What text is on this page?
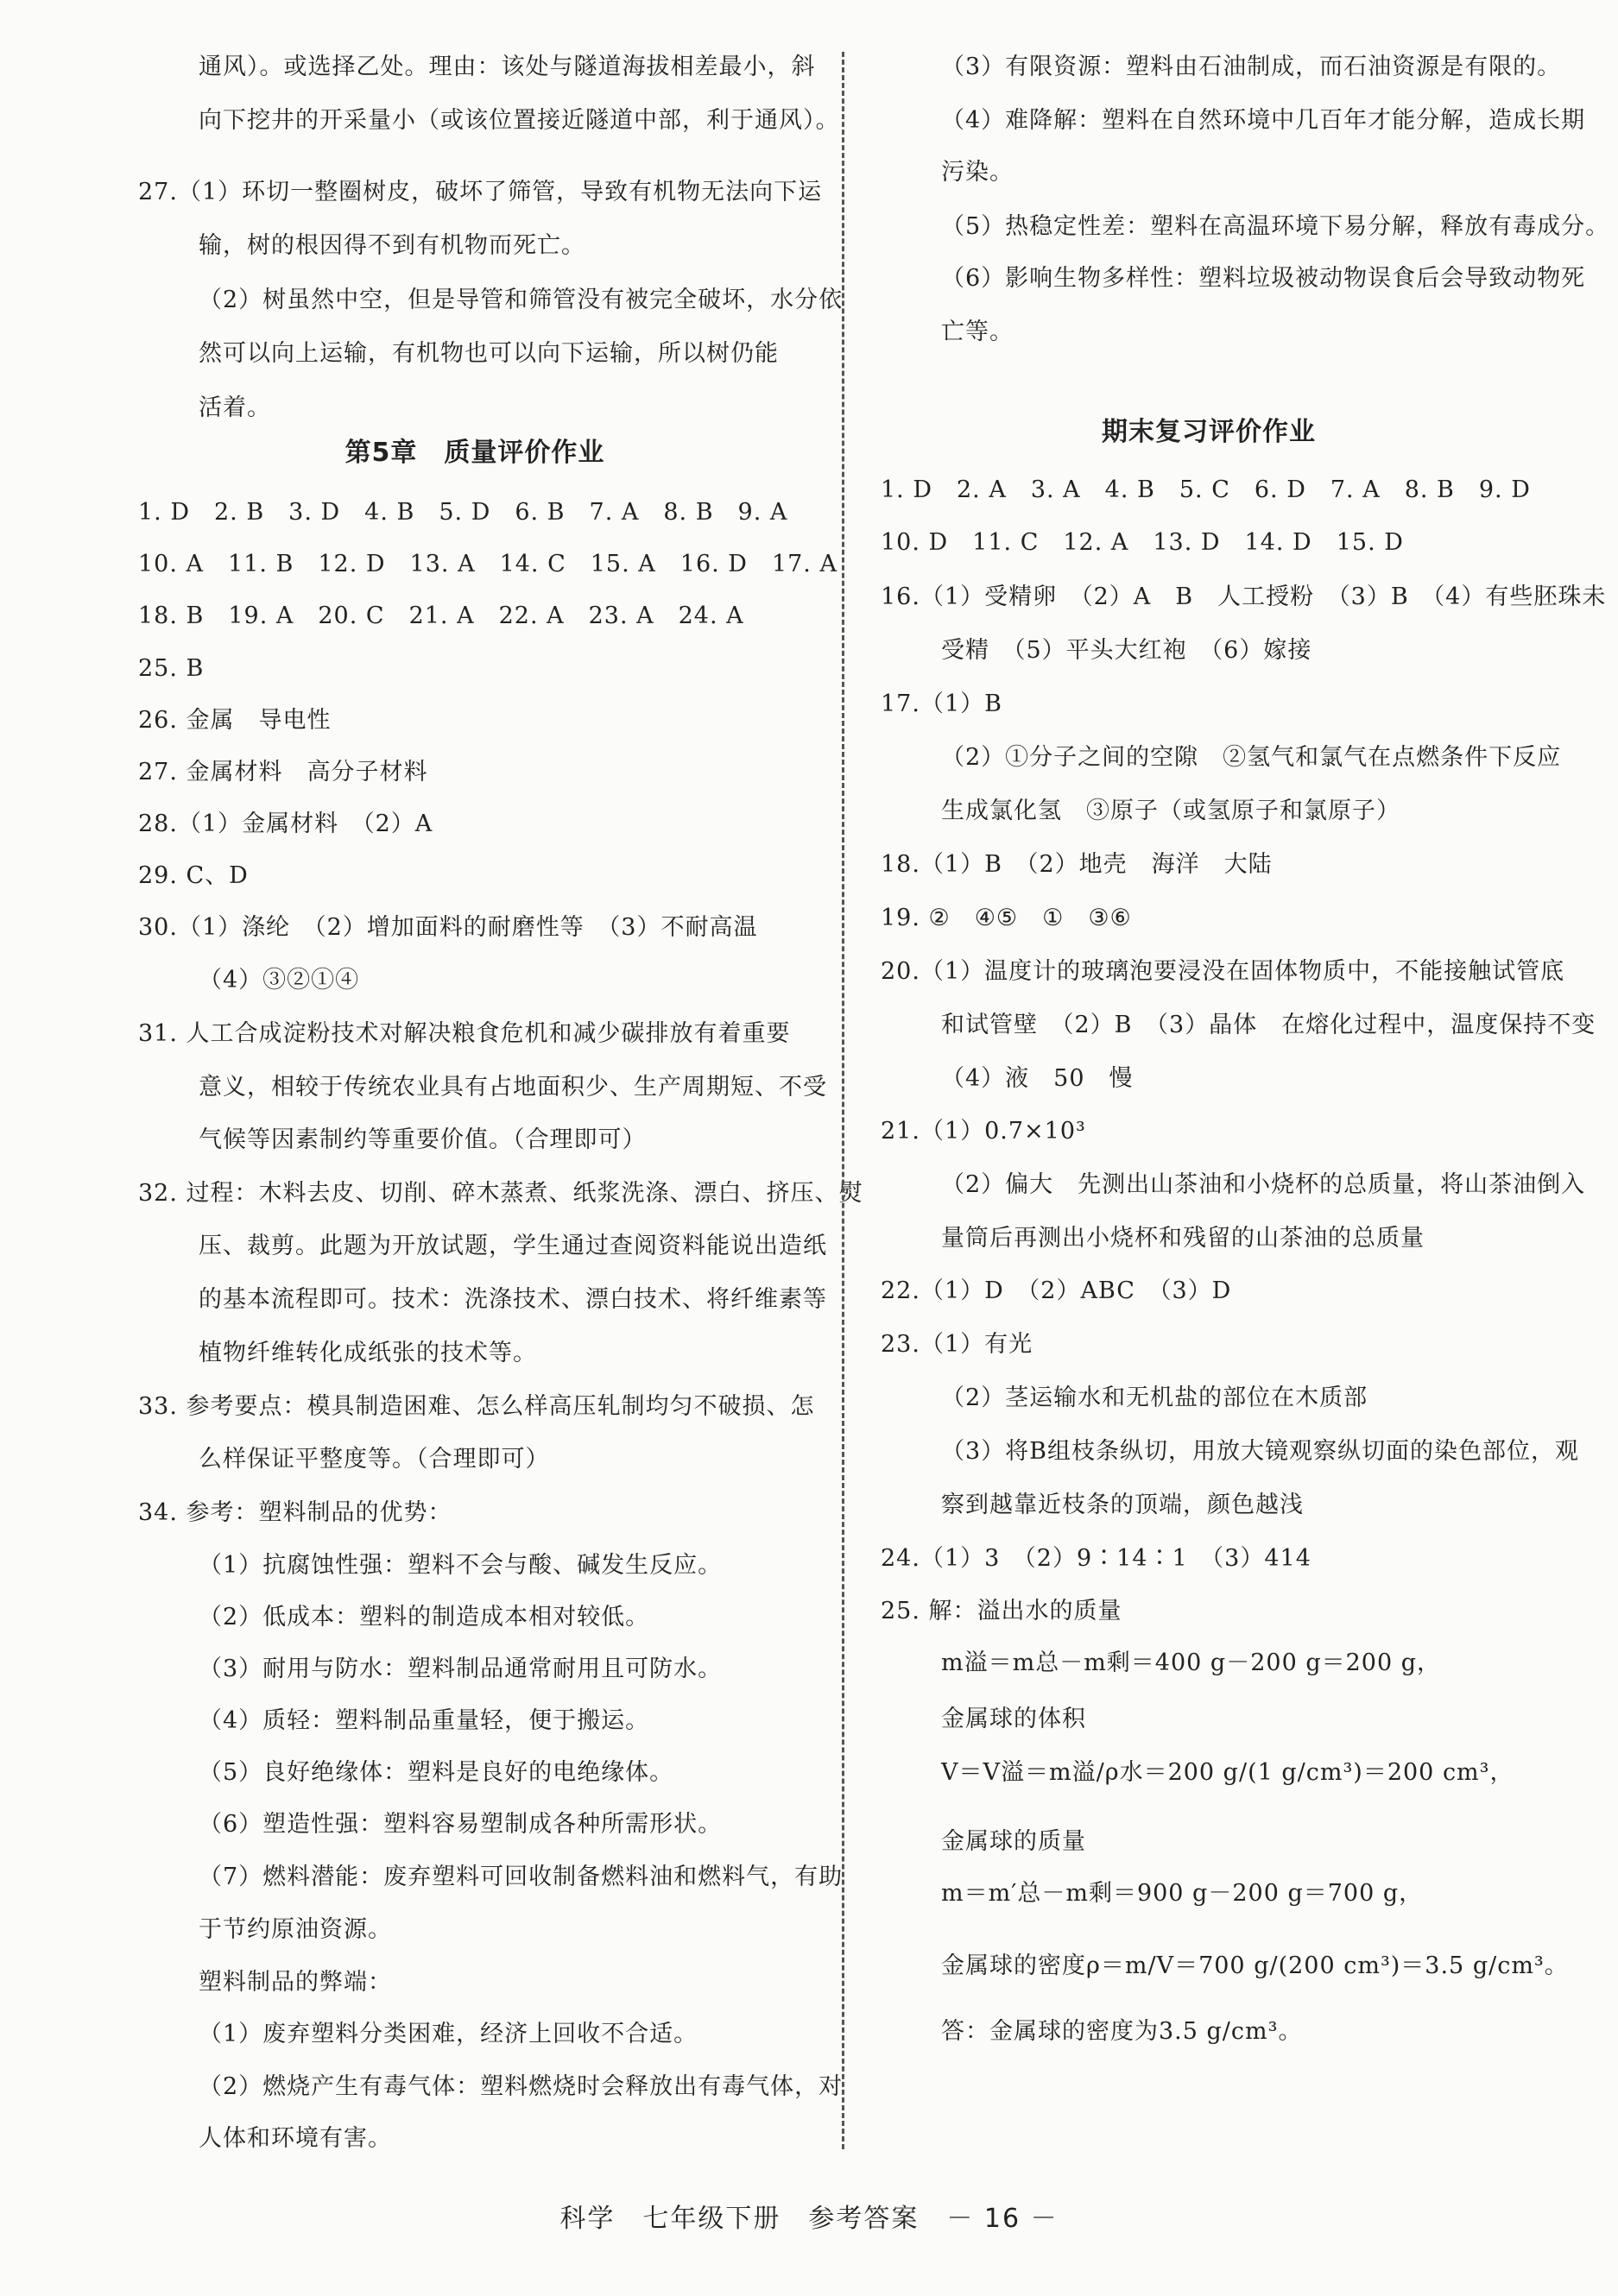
通风）。或选择乙处。理由：该处与隧道海拔相差最小，斜
向下挖井的开采量小（或该位置接近隧道中部，利于通风）。
27.（1）环切一整圈树皮，破坏了筛管，导致有机物无法向下运
输，树的根因得不到有机物而死亡。
（2）树虽然中空，但是导管和筛管没有被完全破坏，水分依
然可以向上运输，有机物也可以向下运输，所以树仍能
活着。
第5章　质量评价作业
1. D　2. B　3. D　4. B　5. D　6. B　7. A　8. B　9. A
10. A　11. B　12. D　13. A　14. C　15. A　16. D　17. A
18. B　19. A　20. C　21. A　22. A　23. A　24. A
25. B
26. 金属　导电性
27. 金属材料　高分子材料
28.（1）金属材料　（2）A
29. C、D
30.（1）涤纶　（2）增加面料的耐磨性等　（3）不耐高温
（4）③②①④
31. 人工合成淀粉技术对解决粮食危机和减少碳排放有着重要
意义，相较于传统农业具有占地面积少、生产周期短、不受
气候等因素制约等重要价值。（合理即可）
32. 过程：木料去皮、切削、碎木蒸煮、纸浆洗涤、漂白、挤压、熨
压、裁剪。此题为开放试题，学生通过查阅资料能说出造纸
的基本流程即可。技术：洗涤技术、漂白技术、将纤维素等
植物纤维转化成纸张的技术等。
33. 参考要点：模具制造困难、怎么样高压轧制均匀不破损、怎
么样保证平整度等。（合理即可）
34. 参考：塑料制品的优势：
（1）抗腐蚀性强：塑料不会与酸、碱发生反应。
（2）低成本：塑料的制造成本相对较低。
（3）耐用与防水：塑料制品通常耐用且可防水。
（4）质轻：塑料制品重量轻，便于搬运。
（5）良好绝缘体：塑料是良好的电绝缘体。
（6）塑造性强：塑料容易塑制成各种所需形状。
（7）燃料潜能：废弃塑料可回收制备燃料油和燃料气，有助
于节约原油资源。
塑料制品的弊端：
（1）废弃塑料分类困难，经济上回收不合适。
（2）燃烧产生有毒气体：塑料燃烧时会释放出有毒气体，对
人体和环境有害。
（3）有限资源：塑料由石油制成，而石油资源是有限的。
（4）难降解：塑料在自然环境中几百年才能分解，造成长期
污染。
（5）热稳定性差：塑料在高温环境下易分解，释放有毒成分。
（6）影响生物多样性：塑料垃圾被动物误食后会导致动物死
亡等。
期末复习评价作业
1. D　2. A　3. A　4. B　5. C　6. D　7. A　8. B　9. D
10. D　11. C　12. A　13. D　14. D　15. D
16.（1）受精卵　（2）A　B　人工授粉　（3）B　（4）有些胚珠未
受精　（5）平头大红袍　（6）嫁接
17.（1）B
（2）①分子之间的空隙　②氢气和氯气在点燃条件下反应
生成氯化氢　③原子（或氢原子和氯原子）
18.（1）B　（2）地壳　海洋　大陆
19. ②　④⑤　①　③⑥
20.（1）温度计的玻璃泡要浸没在固体物质中，不能接触试管底
和试管壁　（2）B　（3）晶体　在熔化过程中，温度保持不变
（4）液　50　慢
21.（1）0.7×10³
（2）偏大　先测出山茶油和小烧杯的总质量，将山茶油倒入
量筒后再测出小烧杯和残留的山茶油的总质量
22.（1）D　（2）ABC　（3）D
23.（1）有光
（2）茎运输水和无机盐的部位在木质部
（3）将B组枝条纵切，用放大镜观察纵切面的染色部位，观
察到越靠近枝条的顶端，颜色越浅
24.（1）3　（2）9∶14∶1　（3）414
25. 解：溢出水的质量
m溢＝m总－m剩＝400 g－200 g＝200 g，
金属球的体积
V＝V溢＝m溢/ρ水＝200 g/(1 g/cm³)＝200 cm³，
金属球的质量
m＝m′总－m剩＝900 g－200 g＝700 g，
金属球的密度ρ＝m/V＝700 g/(200 cm³)＝3.5 g/cm³。
答：金属球的密度为3.5 g/cm³。
科学　七年级下册　参考答案　－ 16 －
